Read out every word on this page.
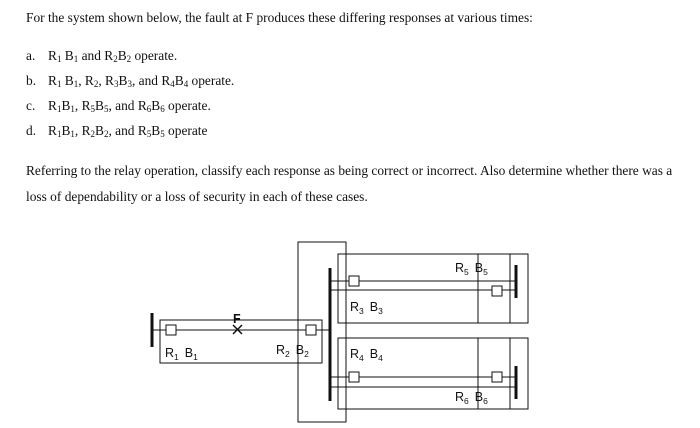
For the system shown below, the fault at F produces these differing responses at various times:
a. $R_1$ $B_1$ and $R_2B_2$ operate.
b. $R_1$ $B_1$, $R_2$, $R_3B_3$, and $R_4B_4$ operate.
c. $R_1B_1$, $R_5B_5$, and $R_6B_6$ operate.
d. $R_1B_1$, $R_2B_2$, and $R_5B_5$ operate
Referring to the relay operation, classify each response as being correct or incorrect. Also determine whether there was a loss of dependability or a loss of security in each of these cases.
F
$R_1$ $B_1$	$R_2$ $B_2$
$R_3$ $B_3$
$R_4$ $B_4$
$R_5$ $B_5$
$R_6$ $B_6$
